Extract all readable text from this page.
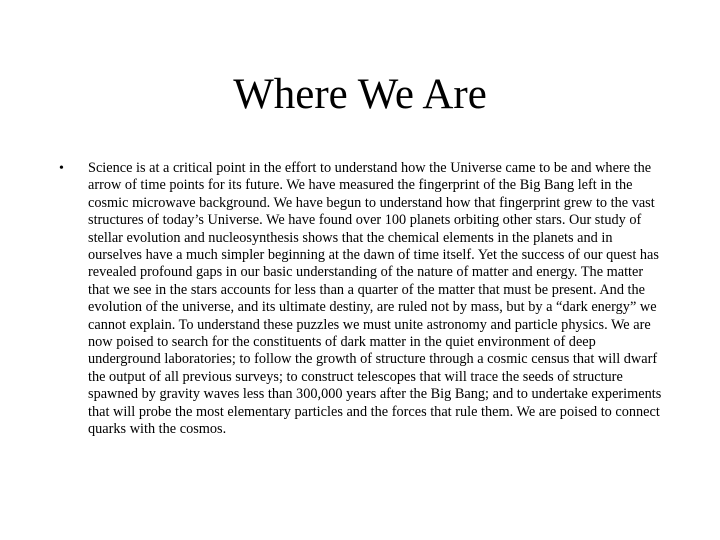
Where We Are
•	Science is at a critical point in the effort to understand how the Universe came to be and where the arrow of time points for its future. We have measured the fingerprint of the Big Bang left in the cosmic microwave background. We have begun to understand how that fingerprint grew to the vast structures of today’s Universe. We have found over 100 planets orbiting other stars. Our study of stellar evolution and nucleosynthesis shows that the chemical elements in the planets and in ourselves have a much simpler beginning at the dawn of time itself. Yet the success of our quest has revealed profound gaps in our basic understanding of the nature of matter and energy. The matter that we see in the stars accounts for less than a quarter of the matter that must be present. And the evolution of the universe, and its ultimate destiny, are ruled not by mass, but by a “dark energy” we cannot explain. To understand these puzzles we must unite astronomy and particle physics. We are now poised to search for the constituents of dark matter in the quiet environment of deep underground laboratories; to follow the growth of structure through a cosmic census that will dwarf the output of all previous surveys; to construct telescopes that will trace the seeds of structure spawned by gravity waves less than 300,000 years after the Big Bang; and to undertake experiments that will probe the most elementary particles and the forces that rule them. We are poised to connect quarks with the cosmos.
